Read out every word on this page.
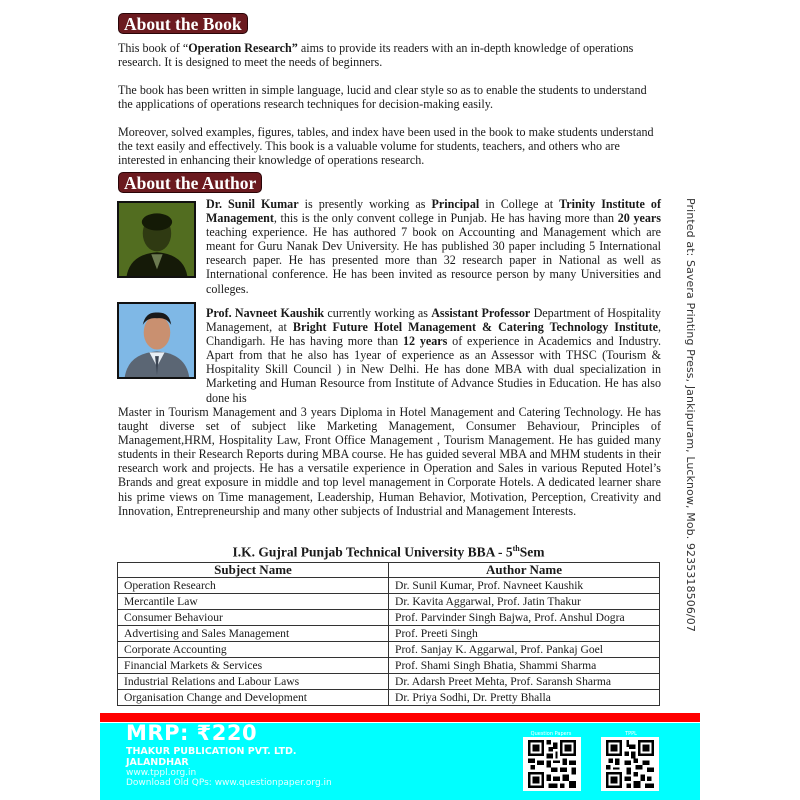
About the Book

This book of “Operation Research” aims to provide its readers with an in-depth knowledge of operations research. It is designed to meet the needs of beginners.

The book has been written in simple language, lucid and clear style so as to enable the students to understand the applications of operations research techniques for decision-making easily.

Moreover, solved examples, figures, tables, and index have been used in the book to make students understand the text easily and effectively. This book is a valuable volume for students, teachers, and others who are interested in enhancing their knowledge of operations research.

About the Author

Dr. Sunil Kumar is presently working as Principal in College at Trinity Institute of Management, this is the only convent college in Punjab. He has having more than 20 years teaching experience. He has authored 7 book on Accounting and Management which are meant for Guru Nanak Dev University. He has published 30 paper including 5 International research paper. He has presented more than 32 research paper in National as well as International conference. He has been invited as resource person by many Universities and colleges.

Prof. Navneet Kaushik currently working as Assistant Professor Department of Hospitality Management, at Bright Future Hotel Management & Catering Technology Institute, Chandigarh. He has having more than 12 years of experience in Academics and Industry. Apart from that he also has 1year of experience as an Assessor with THSC (Tourism & Hospitality Skill Council ) in New Delhi. He has done MBA with dual specialization in Marketing and Human Resource from Institute of Advance Studies in Education. He has also done his

Master in Tourism Management and 3 years Diploma in Hotel Management and Catering Technology. He has taught diverse set of subject like Marketing Management, Consumer Behaviour, Principles of Management,HRM, Hospitality Law, Front Office Management , Tourism Management. He has guided many students in their Research Reports during MBA course. He has guided several MBA and MHM students in their research work and projects. He has a versatile experience in Operation and Sales in various Reputed Hotel’s Brands and great exposure in middle and top level management in Corporate Hotels. A dedicated learner share his prime views on Time management, Leadership, Human Behavior, Motivation, Perception, Creativity and Innovation, Entrepreneurship and many other subjects of Industrial and Management Interests.

I.K. Gujral Punjab Technical University BBA - 5thSem
Subject Name	Author Name
Operation Research	Dr. Sunil Kumar, Prof. Navneet Kaushik
Mercantile Law	Dr. Kavita Aggarwal, Prof. Jatin Thakur
Consumer Behaviour	Prof. Parvinder Singh Bajwa, Prof. Anshul Dogra
Advertising and Sales Management	Prof. Preeti Singh
Corporate Accounting	Prof. Sanjay K. Aggarwal, Prof. Pankaj Goel
Financial Markets & Services	Prof. Shami Singh Bhatia, Shammi Sharma
Industrial Relations and Labour Laws	Dr. Adarsh Preet Mehta, Prof. Saransh Sharma
Organisation Change and Development	Dr. Priya Sodhi, Dr. Pretty Bhalla
Printed at: Savera Printing Press, Jankipuram, Lucknow, Mob. 9235318506/07
MRP: ₹220
THAKUR PUBLICATION PVT. LTD.
JALANDHAR
www.tppl.org.in
Download Old QPs: www.questionpaper.org.in
Question Papers	TPPL
